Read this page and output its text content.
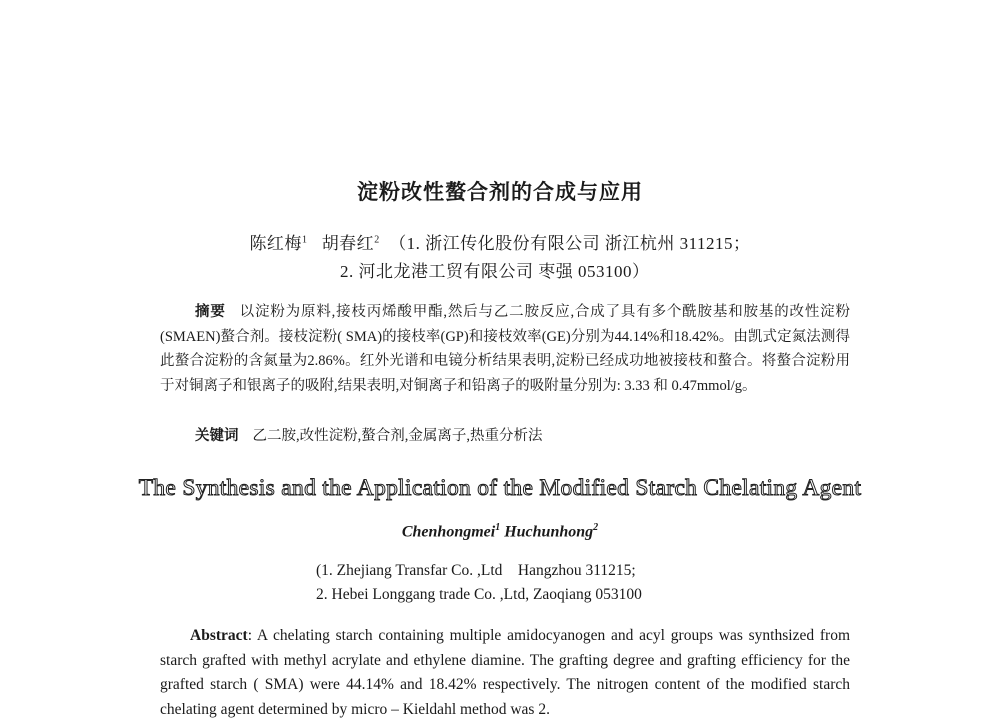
淀粉改性螯合剂的合成与应用
陈红梅$^1$ 胡春红$^2$ （1. 浙江传化股份有限公司 浙江杭州 311215；
2. 河北龙港工贸有限公司 枣强 053100）
摘要 以淀粉为原料,接枝丙烯酸甲酯,然后与乙二胺反应,合成了具有多个酰胺基和胺基的改性淀粉(SMAEN)螯合剂。接枝淀粉( SMA)的接枝率(GP)和接枝效率(GE)分别为44.14%和18.42%。由凯式定氮法测得此螯合淀粉的含氮量为2.86%。红外光谱和电镜分析结果表明,淀粉已经成功地被接枝和螯合。将螯合淀粉用于对铜离子和银离子的吸附,结果表明,对铜离子和铅离子的吸附量分别为: 3.33 和 0.47mmol/g。
关键词 乙二胺,改性淀粉,螯合剂,金属离子,热重分析法
The Synthesis and the Application of the Modified Starch Chelating Agent
Chenhongmei$^1$ Huchunhong$^2$
(1. Zhejiang Transfar Co. ,Ltd    Hangzhou 311215;
2. Hebei Longgang trade Co. ,Ltd, Zaoqiang 053100
Abstract: A chelating starch containing multiple amidocyanogen and acyl groups was synthsized from starch grafted with methyl acrylate and ethylene diamine. The grafting degree and grafting efficiency for the grafted starch ( SMA) were 44.14% and 18.42% respectively. The nitrogen content of the modified starch chelating agent determined by micro – Kieldahl method was 2.
